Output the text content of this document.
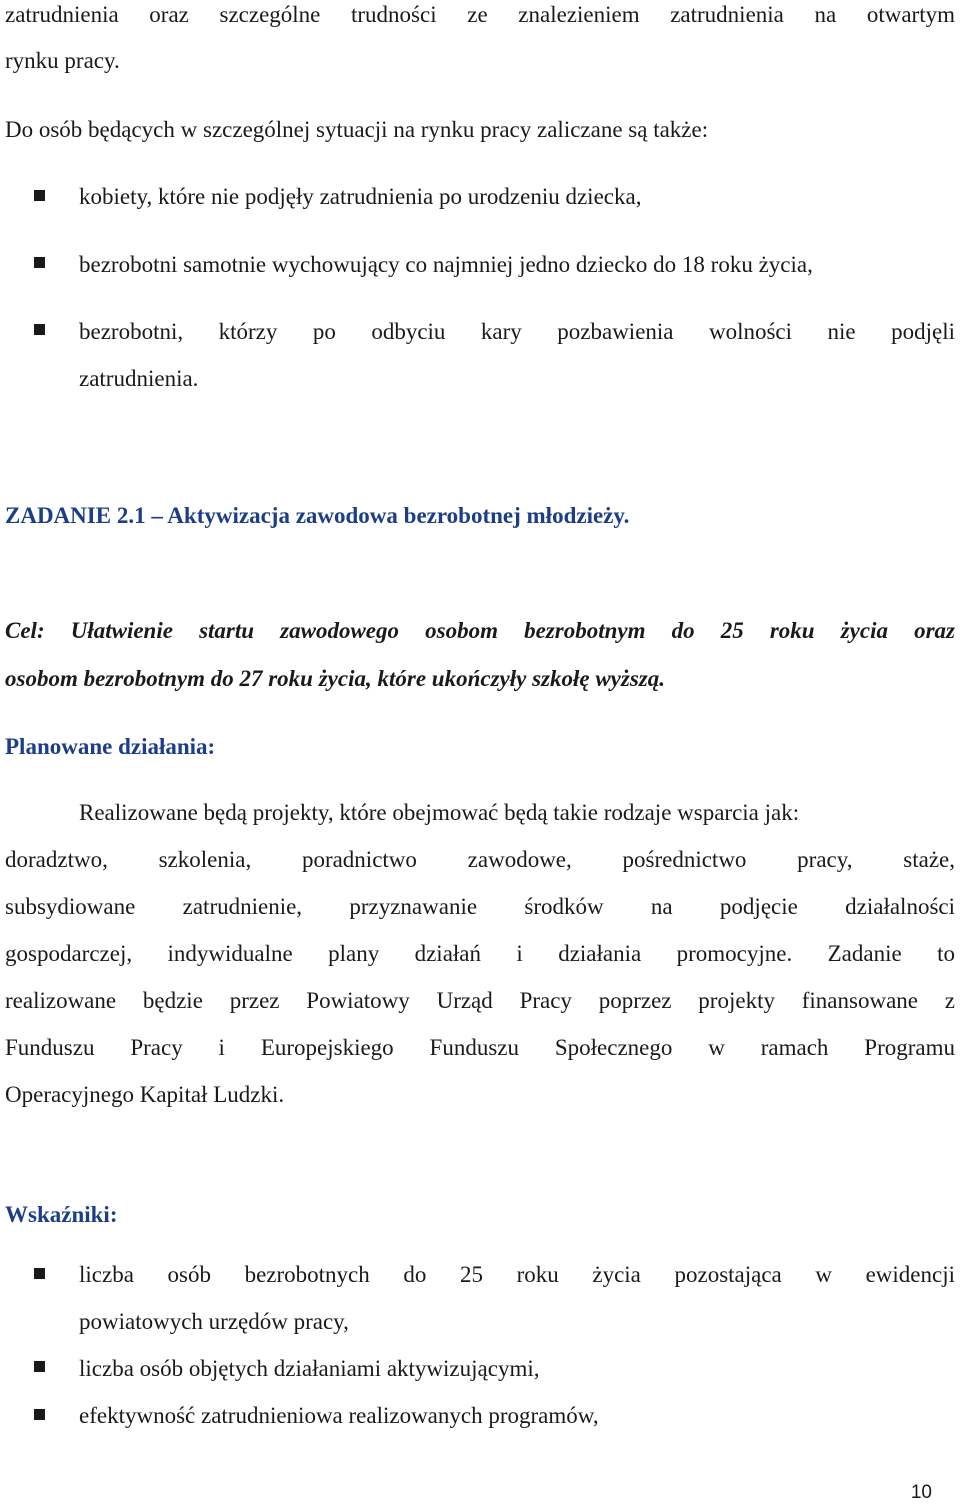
zatrudnienia oraz szczególne trudności ze znalezieniem zatrudnienia na otwartym
rynku pracy.
Do osób będących w szczególnej sytuacji na rynku pracy zaliczane są także:
kobiety, które nie podjęły zatrudnienia po urodzeniu dziecka,
bezrobotni samotnie wychowujący co najmniej jedno dziecko do 18 roku życia,
bezrobotni, którzy po odbyciu kary pozbawienia wolności nie podjęli
zatrudnienia.
ZADANIE 2.1 – Aktywizacja zawodowa bezrobotnej młodzieży.
Cel: Ułatwienie startu zawodowego osobom bezrobotnym do 25 roku życia oraz
osobom bezrobotnym do 27 roku życia, które ukończyły szkołę wyższą.
Planowane działania:
Realizowane będą projekty, które obejmować będą takie rodzaje wsparcia jak:
doradztwo, szkolenia, poradnictwo zawodowe, pośrednictwo pracy, staże,
subsydiowane zatrudnienie, przyznawanie środków na podjęcie działalności
gospodarczej, indywidualne plany działań i działania promocyjne. Zadanie to
realizowane będzie przez Powiatowy Urząd Pracy poprzez projekty finansowane z
Funduszu Pracy i Europejskiego Funduszu Społecznego w ramach Programu
Operacyjnego Kapitał Ludzki.
Wskaźniki:
liczba osób bezrobotnych do 25 roku życia pozostająca w ewidencji
powiatowych urzędów pracy,
liczba osób objętych działaniami aktywizującymi,
efektywność zatrudnieniowa realizowanych programów,
10
